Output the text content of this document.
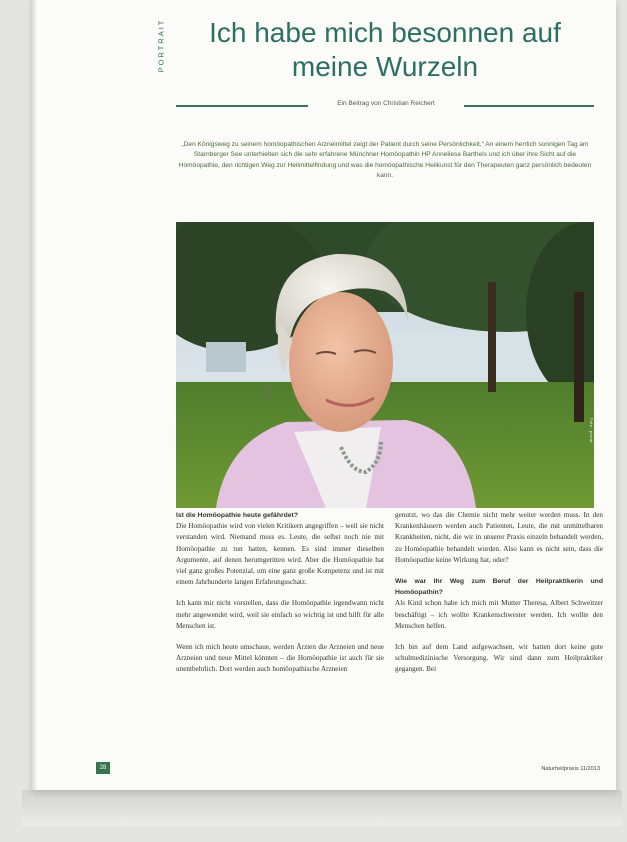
PORTRAIT	Ich habe mich besonnen auf meine Wurzeln
Ein Beitrag von Christian Reichert

„Den Königsweg zu seinem homöopathischen Arzneimittel zeigt der Patient durch seine Persönlichkeit.“ An einem herrlich sonnigen Tag am Starnberger See unterhielten sich die sehr erfahrene Münchner Homöopathin HP Anneliese Barthels und ich über ihre Sicht auf die Homöopathie, den richtigen Weg zur Heilmittelfindung und was die homöopathische Heilkunst für den Therapeuten ganz persönlich bedeuten kann.

Foto: privat

Ist die Homöopathie heute gefährdet?

Die Homöopathie wird von vielen Kritikern angegriffen – weil sie nicht verstanden wird. Niemand muss es. Leute, die selbst noch nie mit Homöopathie zu tun hatten, kennen. Es sind immer dieselben Argumente, auf denen herumgeritten wird. Aber die Homöopathie hat viel ganz großes Potenzial, um eine ganz große Kompetenz und ist mit einem Jahrhunderte langen Erfahrungsschatz.

Ich kann mir nicht vorstellen, dass die Homöopathie irgendwann nicht mehr angewendet wird, weil sie einfach so wichtig ist und hilft für alle Menschen ist.

Wenn ich mich heute umschaue, werden Ärzten die Arzneien und neue Arzneien und neue Mittel könnten – die Homöopathie ist auch für sie unentbehrlich. Dort werden auch homöopathische Arzneien

genutzt, wo das die Chemie nicht mehr weiter werden muss. In den Krankenhäusern werden auch Patienten, Leute, die mit unmittelbaren Krankheiten, nicht, die wir in unserer Praxis einzeln behandelt werden, zu Homöopathie behandelt wurden. Also kann es nicht sein, dass die Homöopathie keine Wirkung hat, oder?

Wie war Ihr Weg zum Beruf der Heilpraktikerin und Homöopathin?

Als Kind schon habe ich mich mit Mutter Theresa, Albert Schweitzer beschäftigt – ich wollte Krankenschwester werden. Ich wollte den Menschen helfen.

Ich bin auf dem Land aufgewachsen, wir hatten dort keine gute schulmedizinische Versorgung. Wir sind dann zum Heilpraktiker gegangen. Bei

28	Naturheilpraxis 11/2013
